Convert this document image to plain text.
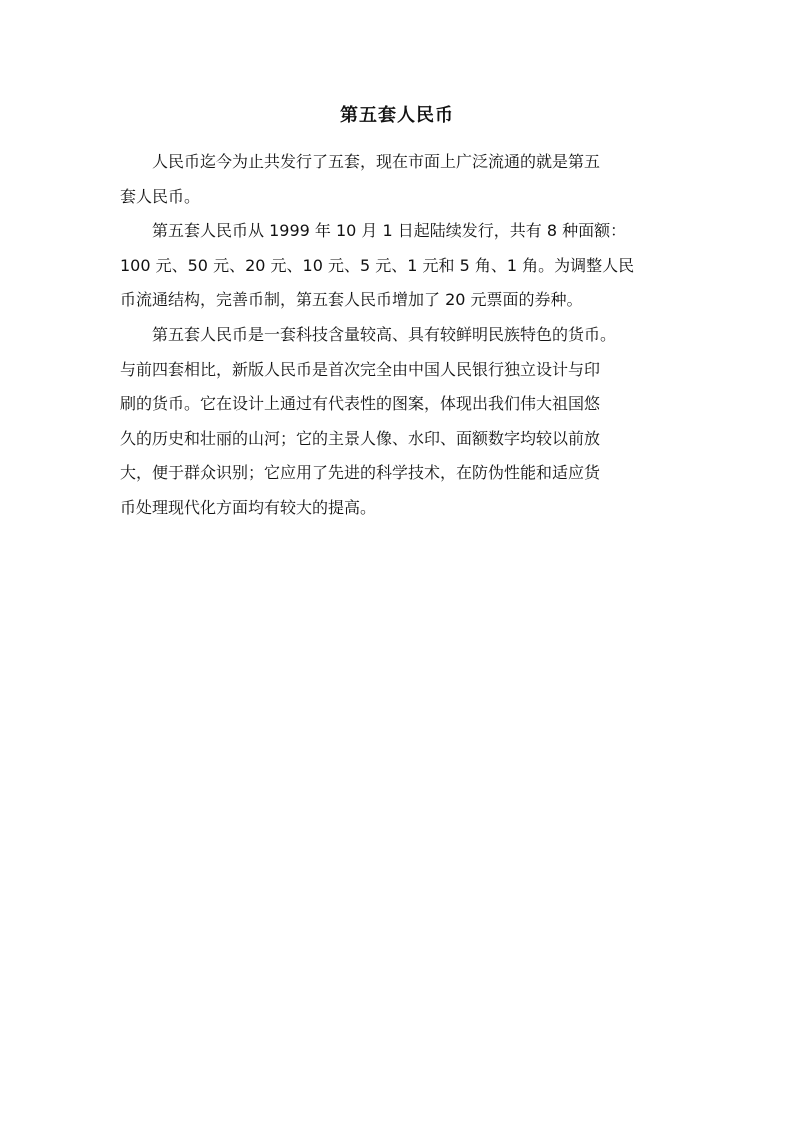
第五套人民币

人民币迄今为止共发行了五套，现在市面上广泛流通的就是第五
套人民币。

第五套人民币从 1999 年 10 月 1 日起陆续发行，共有 8 种面额：
100 元、50 元、20 元、10 元、5 元、1 元和 5 角、1 角。为调整人民
币流通结构，完善币制，第五套人民币增加了 20 元票面的券种。

第五套人民币是一套科技含量较高、具有较鲜明民族特色的货币。
与前四套相比，新版人民币是首次完全由中国人民银行独立设计与印
刷的货币。它在设计上通过有代表性的图案，体现出我们伟大祖国悠
久的历史和壮丽的山河；它的主景人像、水印、面额数字均较以前放
大，便于群众识别；它应用了先进的科学技术，在防伪性能和适应货
币处理现代化方面均有较大的提高。
